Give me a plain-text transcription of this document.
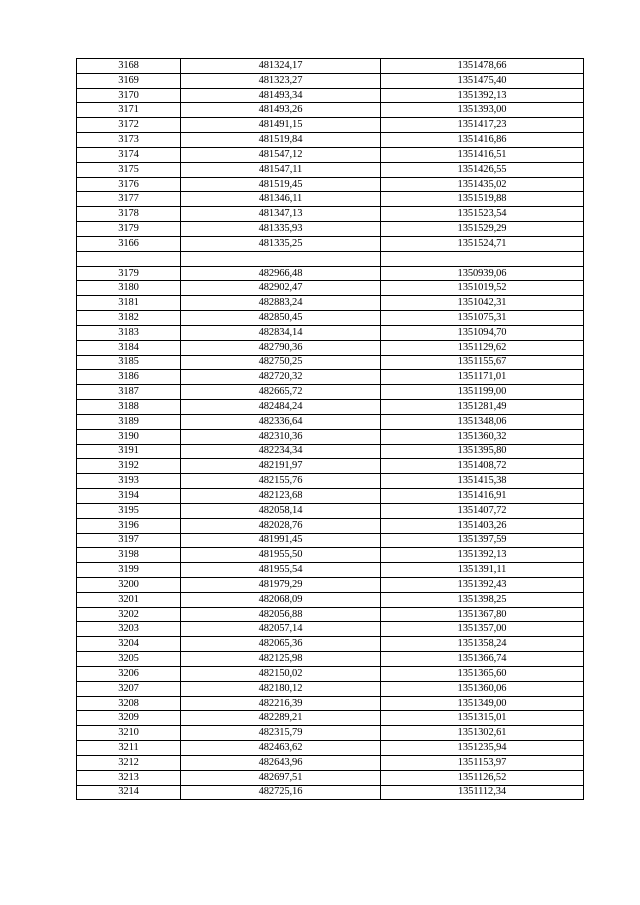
3168	481324,17	1351478,66
3169	481323,27	1351475,40
3170	481493,34	1351392,13
3171	481493,26	1351393,00
3172	481491,15	1351417,23
3173	481519,84	1351416,86
3174	481547,12	1351416,51
3175	481547,11	1351426,55
3176	481519,45	1351435,02
3177	481346,11	1351519,88
3178	481347,13	1351523,54
3179	481335,93	1351529,29
3166	481335,25	1351524,71

3179	482966,48	1350939,06
3180	482902,47	1351019,52
3181	482883,24	1351042,31
3182	482850,45	1351075,31
3183	482834,14	1351094,70
3184	482790,36	1351129,62
3185	482750,25	1351155,67
3186	482720,32	1351171,01
3187	482665,72	1351199,00
3188	482484,24	1351281,49
3189	482336,64	1351348,06
3190	482310,36	1351360,32
3191	482234,34	1351395,80
3192	482191,97	1351408,72
3193	482155,76	1351415,38
3194	482123,68	1351416,91
3195	482058,14	1351407,72
3196	482028,76	1351403,26
3197	481991,45	1351397,59
3198	481955,50	1351392,13
3199	481955,54	1351391,11
3200	481979,29	1351392,43
3201	482068,09	1351398,25
3202	482056,88	1351367,80
3203	482057,14	1351357,00
3204	482065,36	1351358,24
3205	482125,98	1351366,74
3206	482150,02	1351365,60
3207	482180,12	1351360,06
3208	482216,39	1351349,00
3209	482289,21	1351315,01
3210	482315,79	1351302,61
3211	482463,62	1351235,94
3212	482643,96	1351153,97
3213	482697,51	1351126,52
3214	482725,16	1351112,34
